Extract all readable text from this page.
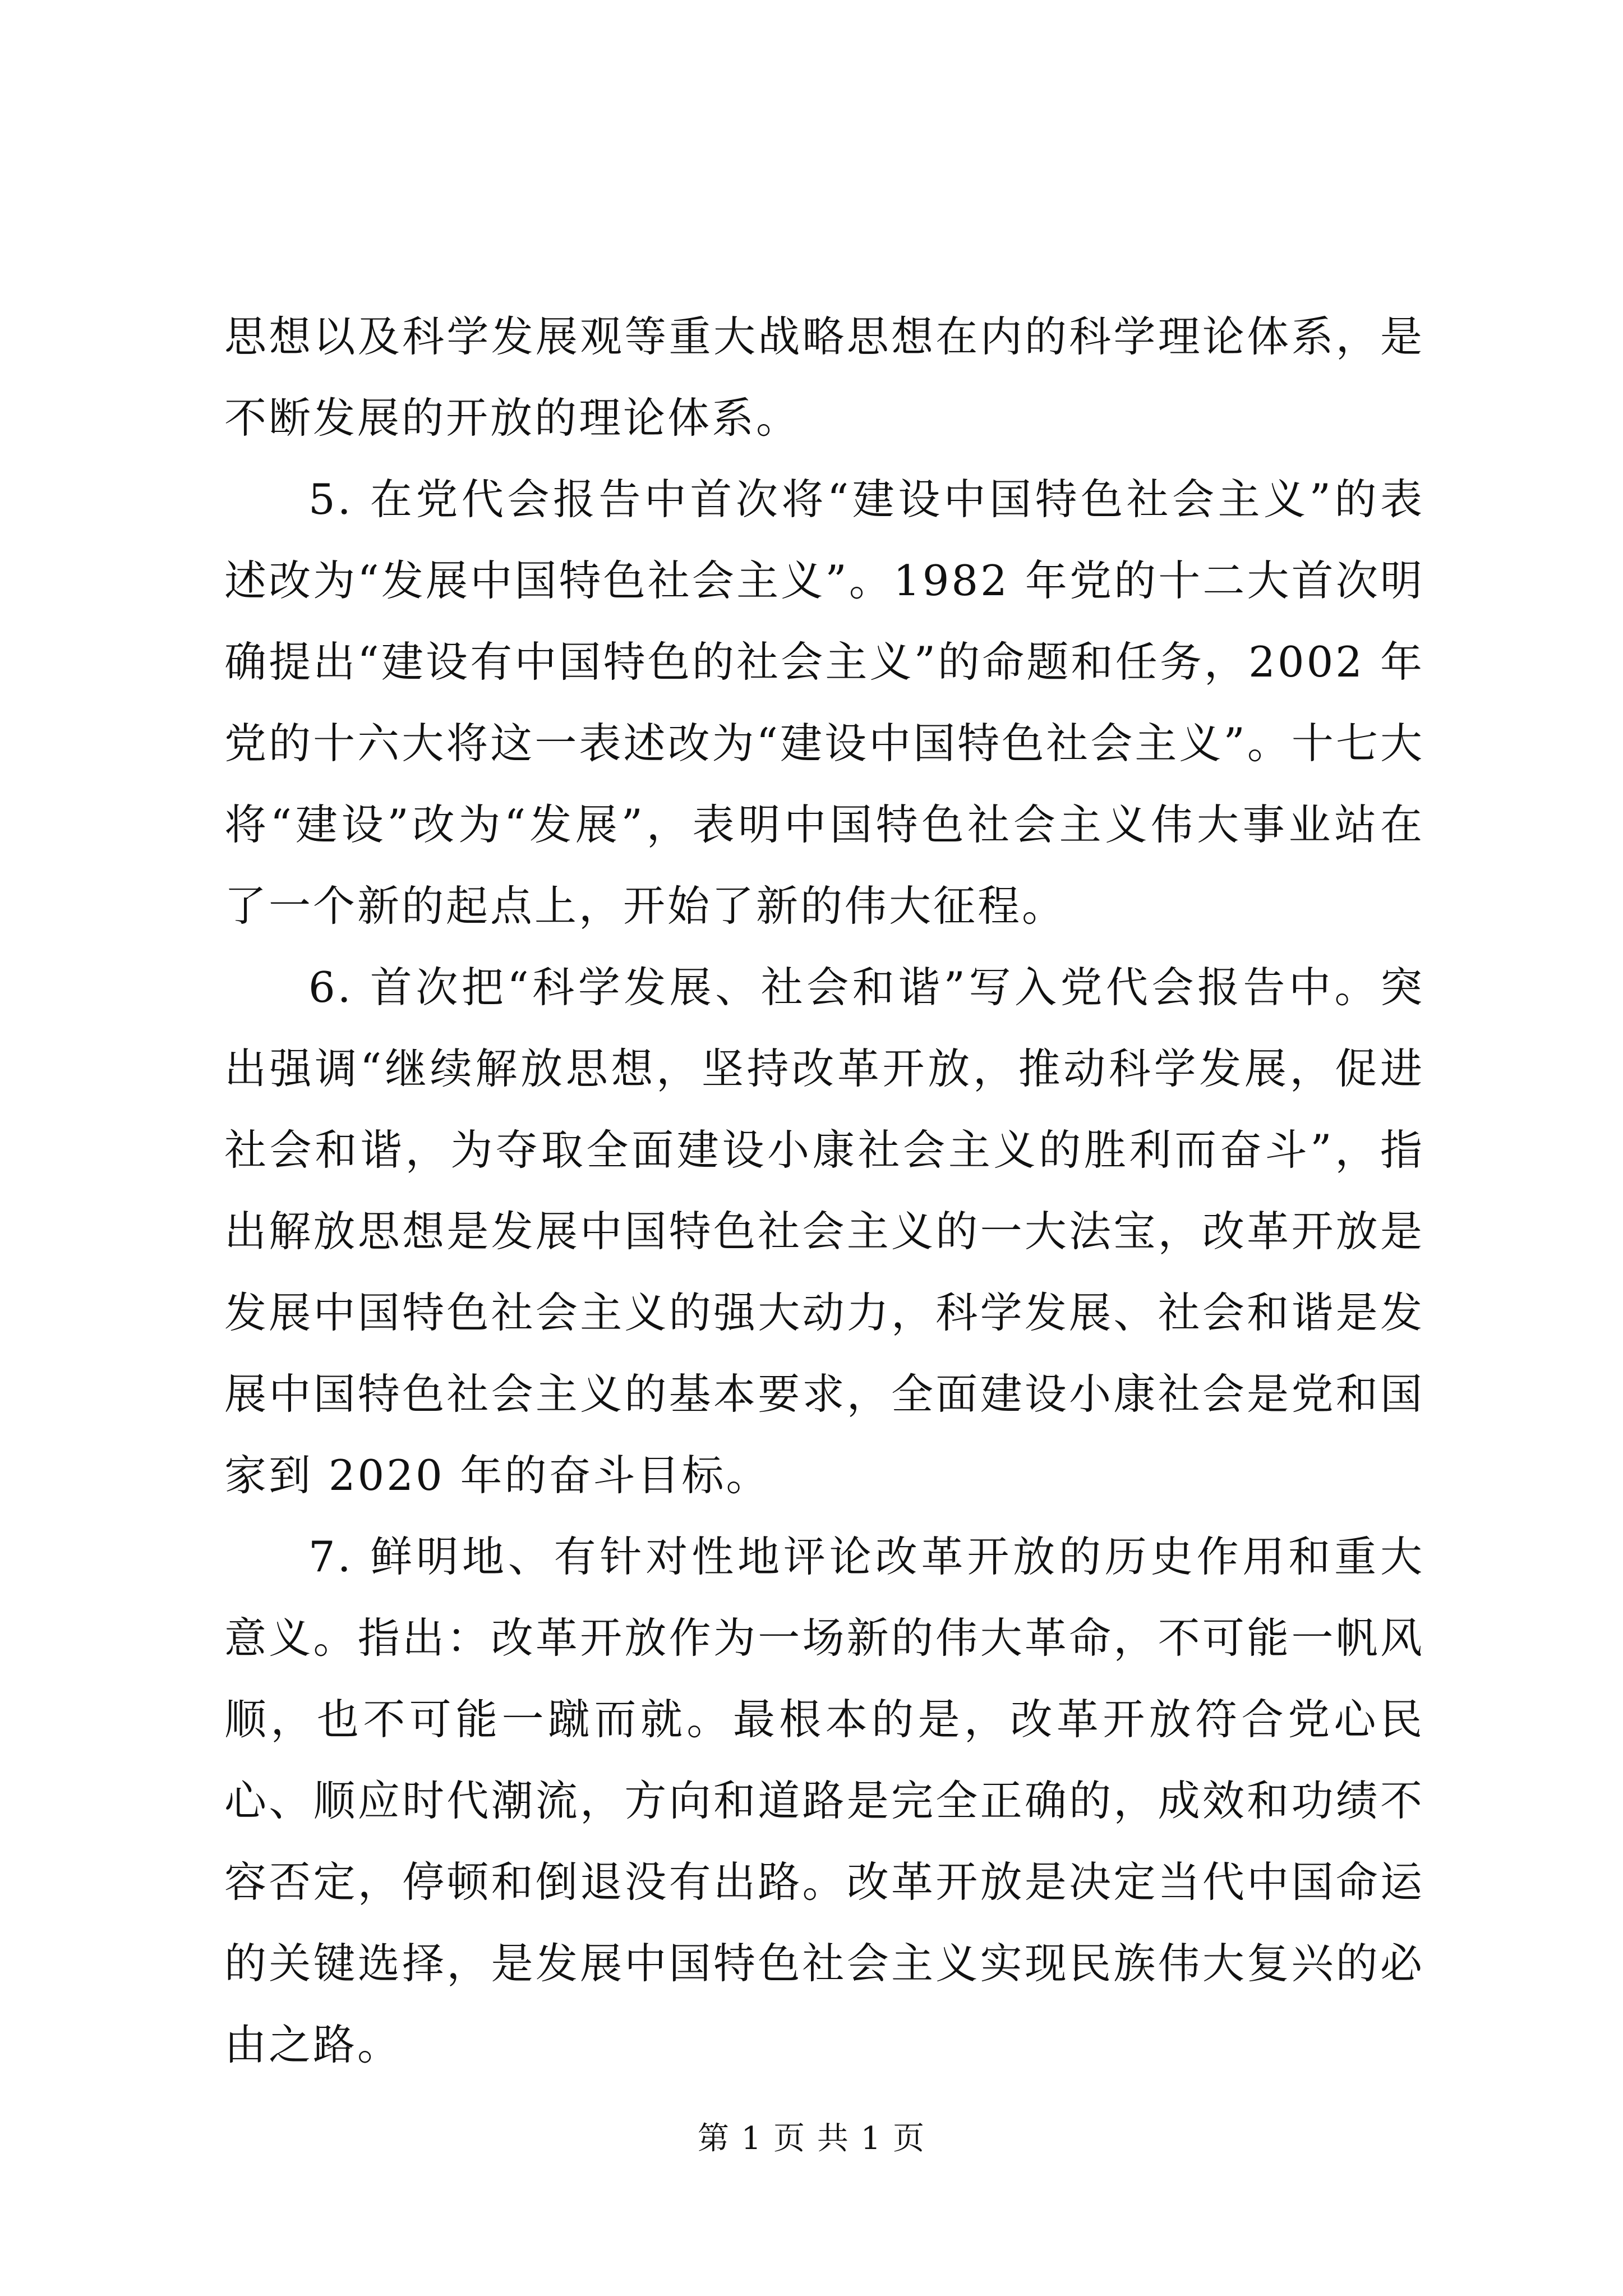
思想以及科学发展观等重大战略思想在内的科学理论体系，是不断发展的开放的理论体系。

5. 在党代会报告中首次将“建设中国特色社会主义”的表述改为“发展中国特色社会主义”。1982 年党的十二大首次明确提出“建设有中国特色的社会主义”的命题和任务，2002 年党的十六大将这一表述改为“建设中国特色社会主义”。十七大将“建设”改为“发展”，表明中国特色社会主义伟大事业站在了一个新的起点上，开始了新的伟大征程。

6. 首次把“科学发展、社会和谐”写入党代会报告中。突出强调“继续解放思想，坚持改革开放，推动科学发展，促进社会和谐，为夺取全面建设小康社会主义的胜利而奋斗”，指出解放思想是发展中国特色社会主义的一大法宝，改革开放是发展中国特色社会主义的强大动力，科学发展、社会和谐是发展中国特色社会主义的基本要求，全面建设小康社会是党和国家到 2020 年的奋斗目标。

7. 鲜明地、有针对性地评论改革开放的历史作用和重大意义。指出：改革开放作为一场新的伟大革命，不可能一帆风顺，也不可能一蹴而就。最根本的是，改革开放符合党心民心、顺应时代潮流，方向和道路是完全正确的，成效和功绩不容否定，停顿和倒退没有出路。改革开放是决定当代中国命运的关键选择，是发展中国特色社会主义实现民族伟大复兴的必由之路。

第 1 页 共 1 页
